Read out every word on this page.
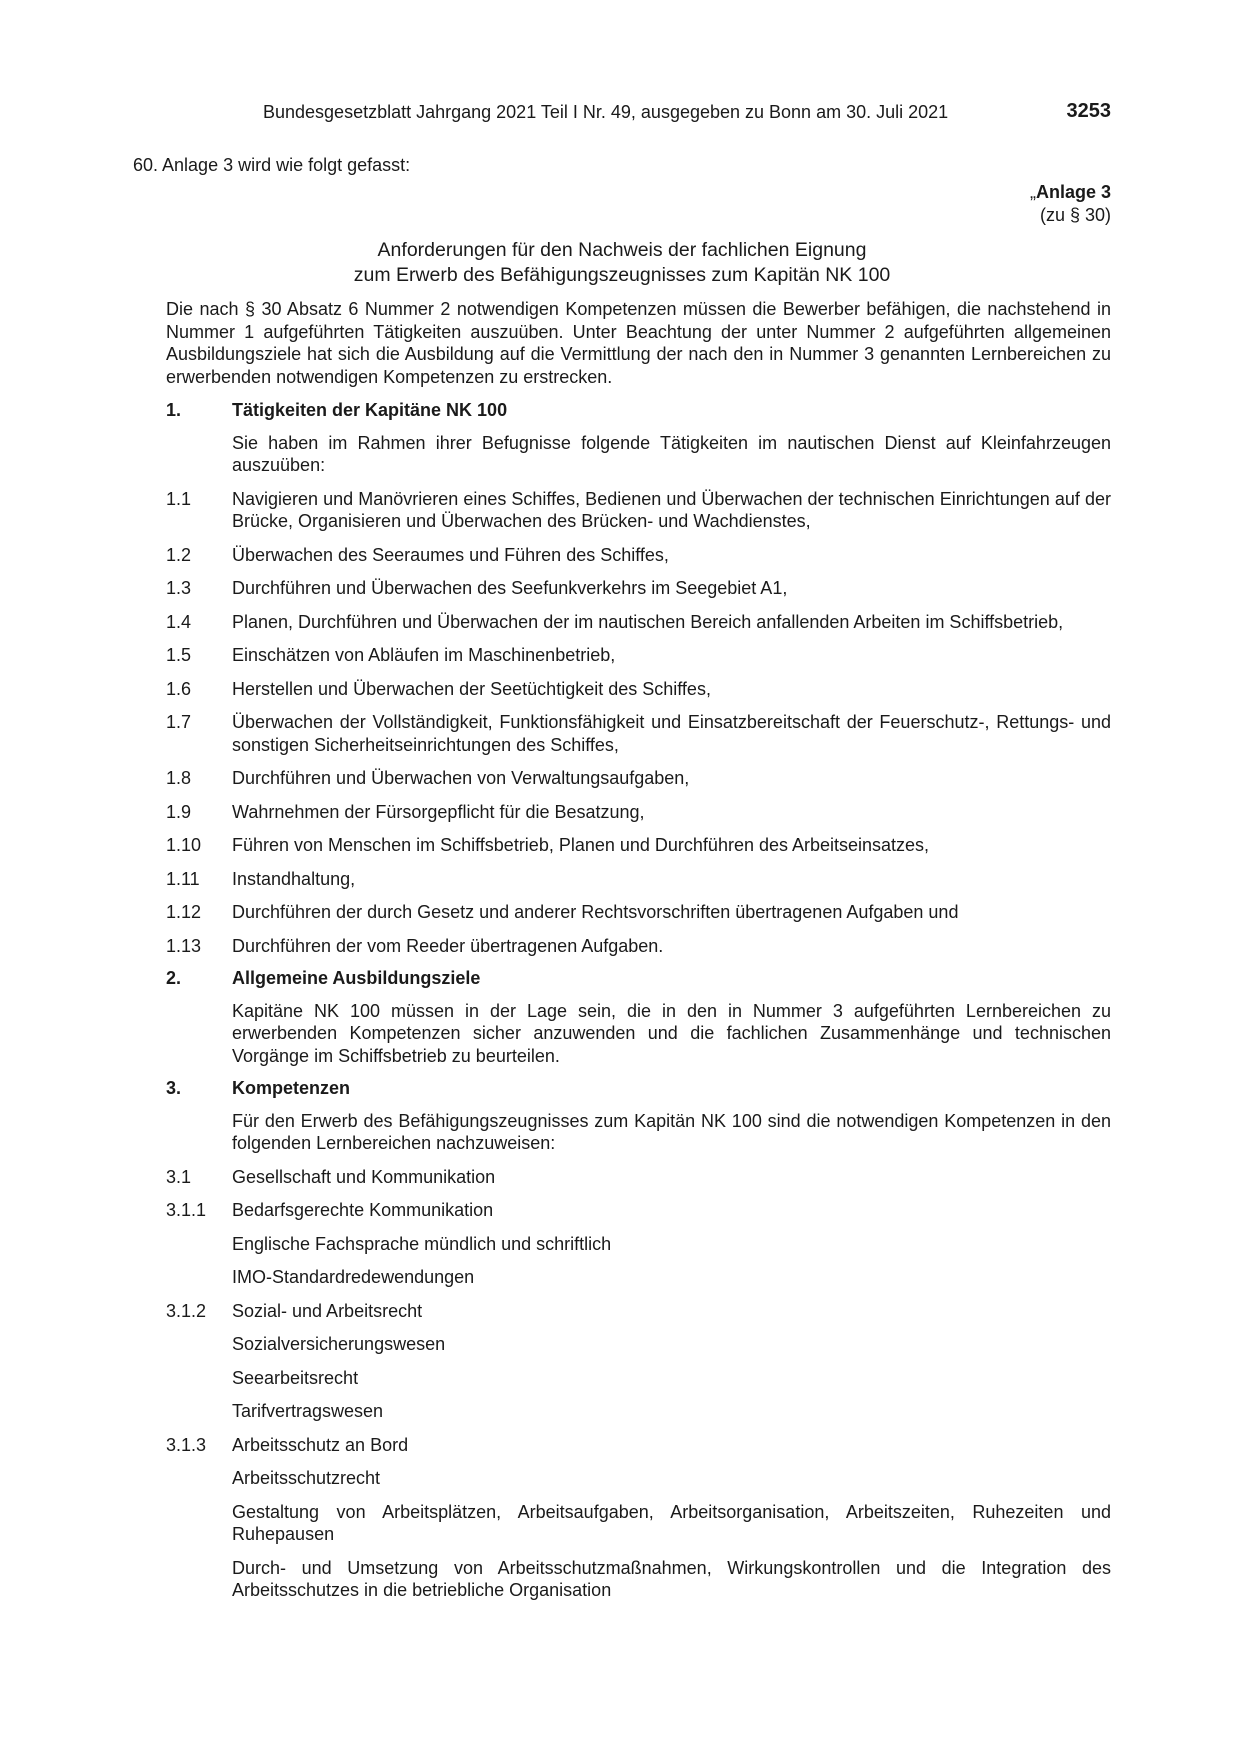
Bundesgesetzblatt Jahrgang 2021 Teil I Nr. 49, ausgegeben zu Bonn am 30. Juli 2021	3253
60. Anlage 3 wird wie folgt gefasst:
„Anlage 3
(zu § 30)
Anforderungen für den Nachweis der fachlichen Eignung
zum Erwerb des Befähigungszeugnisses zum Kapitän NK 100
Die nach § 30 Absatz 6 Nummer 2 notwendigen Kompetenzen müssen die Bewerber befähigen, die nachstehend in Nummer 1 aufgeführten Tätigkeiten auszuüben. Unter Beachtung der unter Nummer 2 aufgeführten allgemeinen Ausbildungsziele hat sich die Ausbildung auf die Vermittlung der nach den in Nummer 3 genannten Lernbereichen zu erwerbenden notwendigen Kompetenzen zu erstrecken.
1.	Tätigkeiten der Kapitäne NK 100
Sie haben im Rahmen ihrer Befugnisse folgende Tätigkeiten im nautischen Dienst auf Kleinfahrzeugen auszuüben:
1.1	Navigieren und Manövrieren eines Schiffes, Bedienen und Überwachen der technischen Einrichtungen auf der Brücke, Organisieren und Überwachen des Brücken- und Wachdienstes,
1.2	Überwachen des Seeraumes und Führen des Schiffes,
1.3	Durchführen und Überwachen des Seefunkverkehrs im Seegebiet A1,
1.4	Planen, Durchführen und Überwachen der im nautischen Bereich anfallenden Arbeiten im Schiffsbetrieb,
1.5	Einschätzen von Abläufen im Maschinenbetrieb,
1.6	Herstellen und Überwachen der Seetüchtigkeit des Schiffes,
1.7	Überwachen der Vollständigkeit, Funktionsfähigkeit und Einsatzbereitschaft der Feuerschutz-, Rettungs- und sonstigen Sicherheitseinrichtungen des Schiffes,
1.8	Durchführen und Überwachen von Verwaltungsaufgaben,
1.9	Wahrnehmen der Fürsorgepflicht für die Besatzung,
1.10	Führen von Menschen im Schiffsbetrieb, Planen und Durchführen des Arbeitseinsatzes,
1.11	Instandhaltung,
1.12	Durchführen der durch Gesetz und anderer Rechtsvorschriften übertragenen Aufgaben und
1.13	Durchführen der vom Reeder übertragenen Aufgaben.
2.	Allgemeine Ausbildungsziele
Kapitäne NK 100 müssen in der Lage sein, die in den in Nummer 3 aufgeführten Lernbereichen zu erwerbenden Kompetenzen sicher anzuwenden und die fachlichen Zusammenhänge und technischen Vorgänge im Schiffsbetrieb zu beurteilen.
3.	Kompetenzen
Für den Erwerb des Befähigungszeugnisses zum Kapitän NK 100 sind die notwendigen Kompetenzen in den folgenden Lernbereichen nachzuweisen:
3.1	Gesellschaft und Kommunikation
3.1.1	Bedarfsgerechte Kommunikation
Englische Fachsprache mündlich und schriftlich
IMO-Standardredewendungen
3.1.2	Sozial- und Arbeitsrecht
Sozialversicherungswesen
Seearbeitsrecht
Tarifvertragswesen
3.1.3	Arbeitsschutz an Bord
Arbeitsschutzrecht
Gestaltung von Arbeitsplätzen, Arbeitsaufgaben, Arbeitsorganisation, Arbeitszeiten, Ruhezeiten und Ruhepausen
Durch- und Umsetzung von Arbeitsschutzmaßnahmen, Wirkungskontrollen und die Integration des Arbeitsschutzes in die betriebliche Organisation
